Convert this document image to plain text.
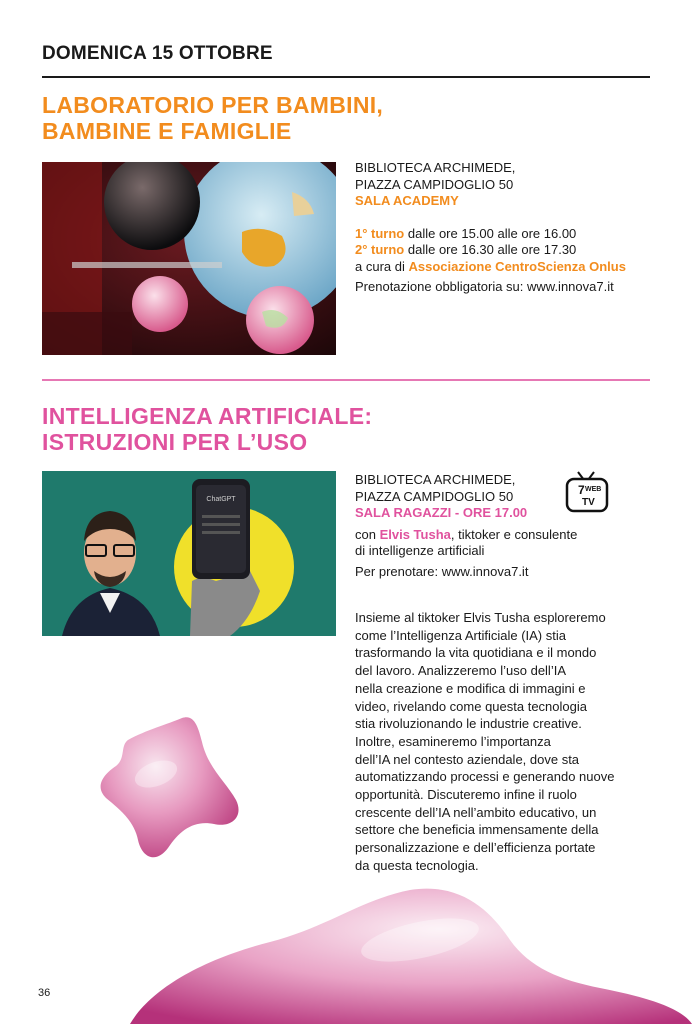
DOMENICA 15 OTTOBRE
LABORATORIO PER BAMBINI,
BAMBINE E FAMIGLIE
BIBLIOTECA ARCHIMEDE,
PIAZZA CAMPIDOGLIO 50
SALA ACADEMY
1° turno dalle ore 15.00 alle ore 16.00
2° turno dalle ore 16.30 alle ore 17.30
a cura di Associazione CentroScienza Onlus
Prenotazione obbligatoria su: www.innova7.it
INTELLIGENZA ARTIFICIALE:
ISTRUZIONI PER L’USO
ChatGPT
7 WEB
TV
BIBLIOTECA ARCHIMEDE,
PIAZZA CAMPIDOGLIO 50
SALA RAGAZZI - ORE 17.00
con Elvis Tusha, tiktoker e consulente
di intelligenze artificiali
Per prenotare: www.innova7.it
Insieme al tiktoker Elvis Tusha esploreremo
come l’Intelligenza Artificiale (IA) stia
trasformando la vita quotidiana e il mondo
del lavoro. Analizzeremo l’uso dell’IA
nella creazione e modifica di immagini e
video, rivelando come questa tecnologia
stia rivoluzionando le industrie creative.
Inoltre, esamineremo l’importanza
dell’IA nel contesto aziendale, dove sta
automatizzando processi e generando nuove
opportunità. Discuteremo infine il ruolo
crescente dell’IA nell’ambito educativo, un
settore che beneficia immensamente della
personalizzazione e dell’efficienza portate
da questa tecnologia.
36
